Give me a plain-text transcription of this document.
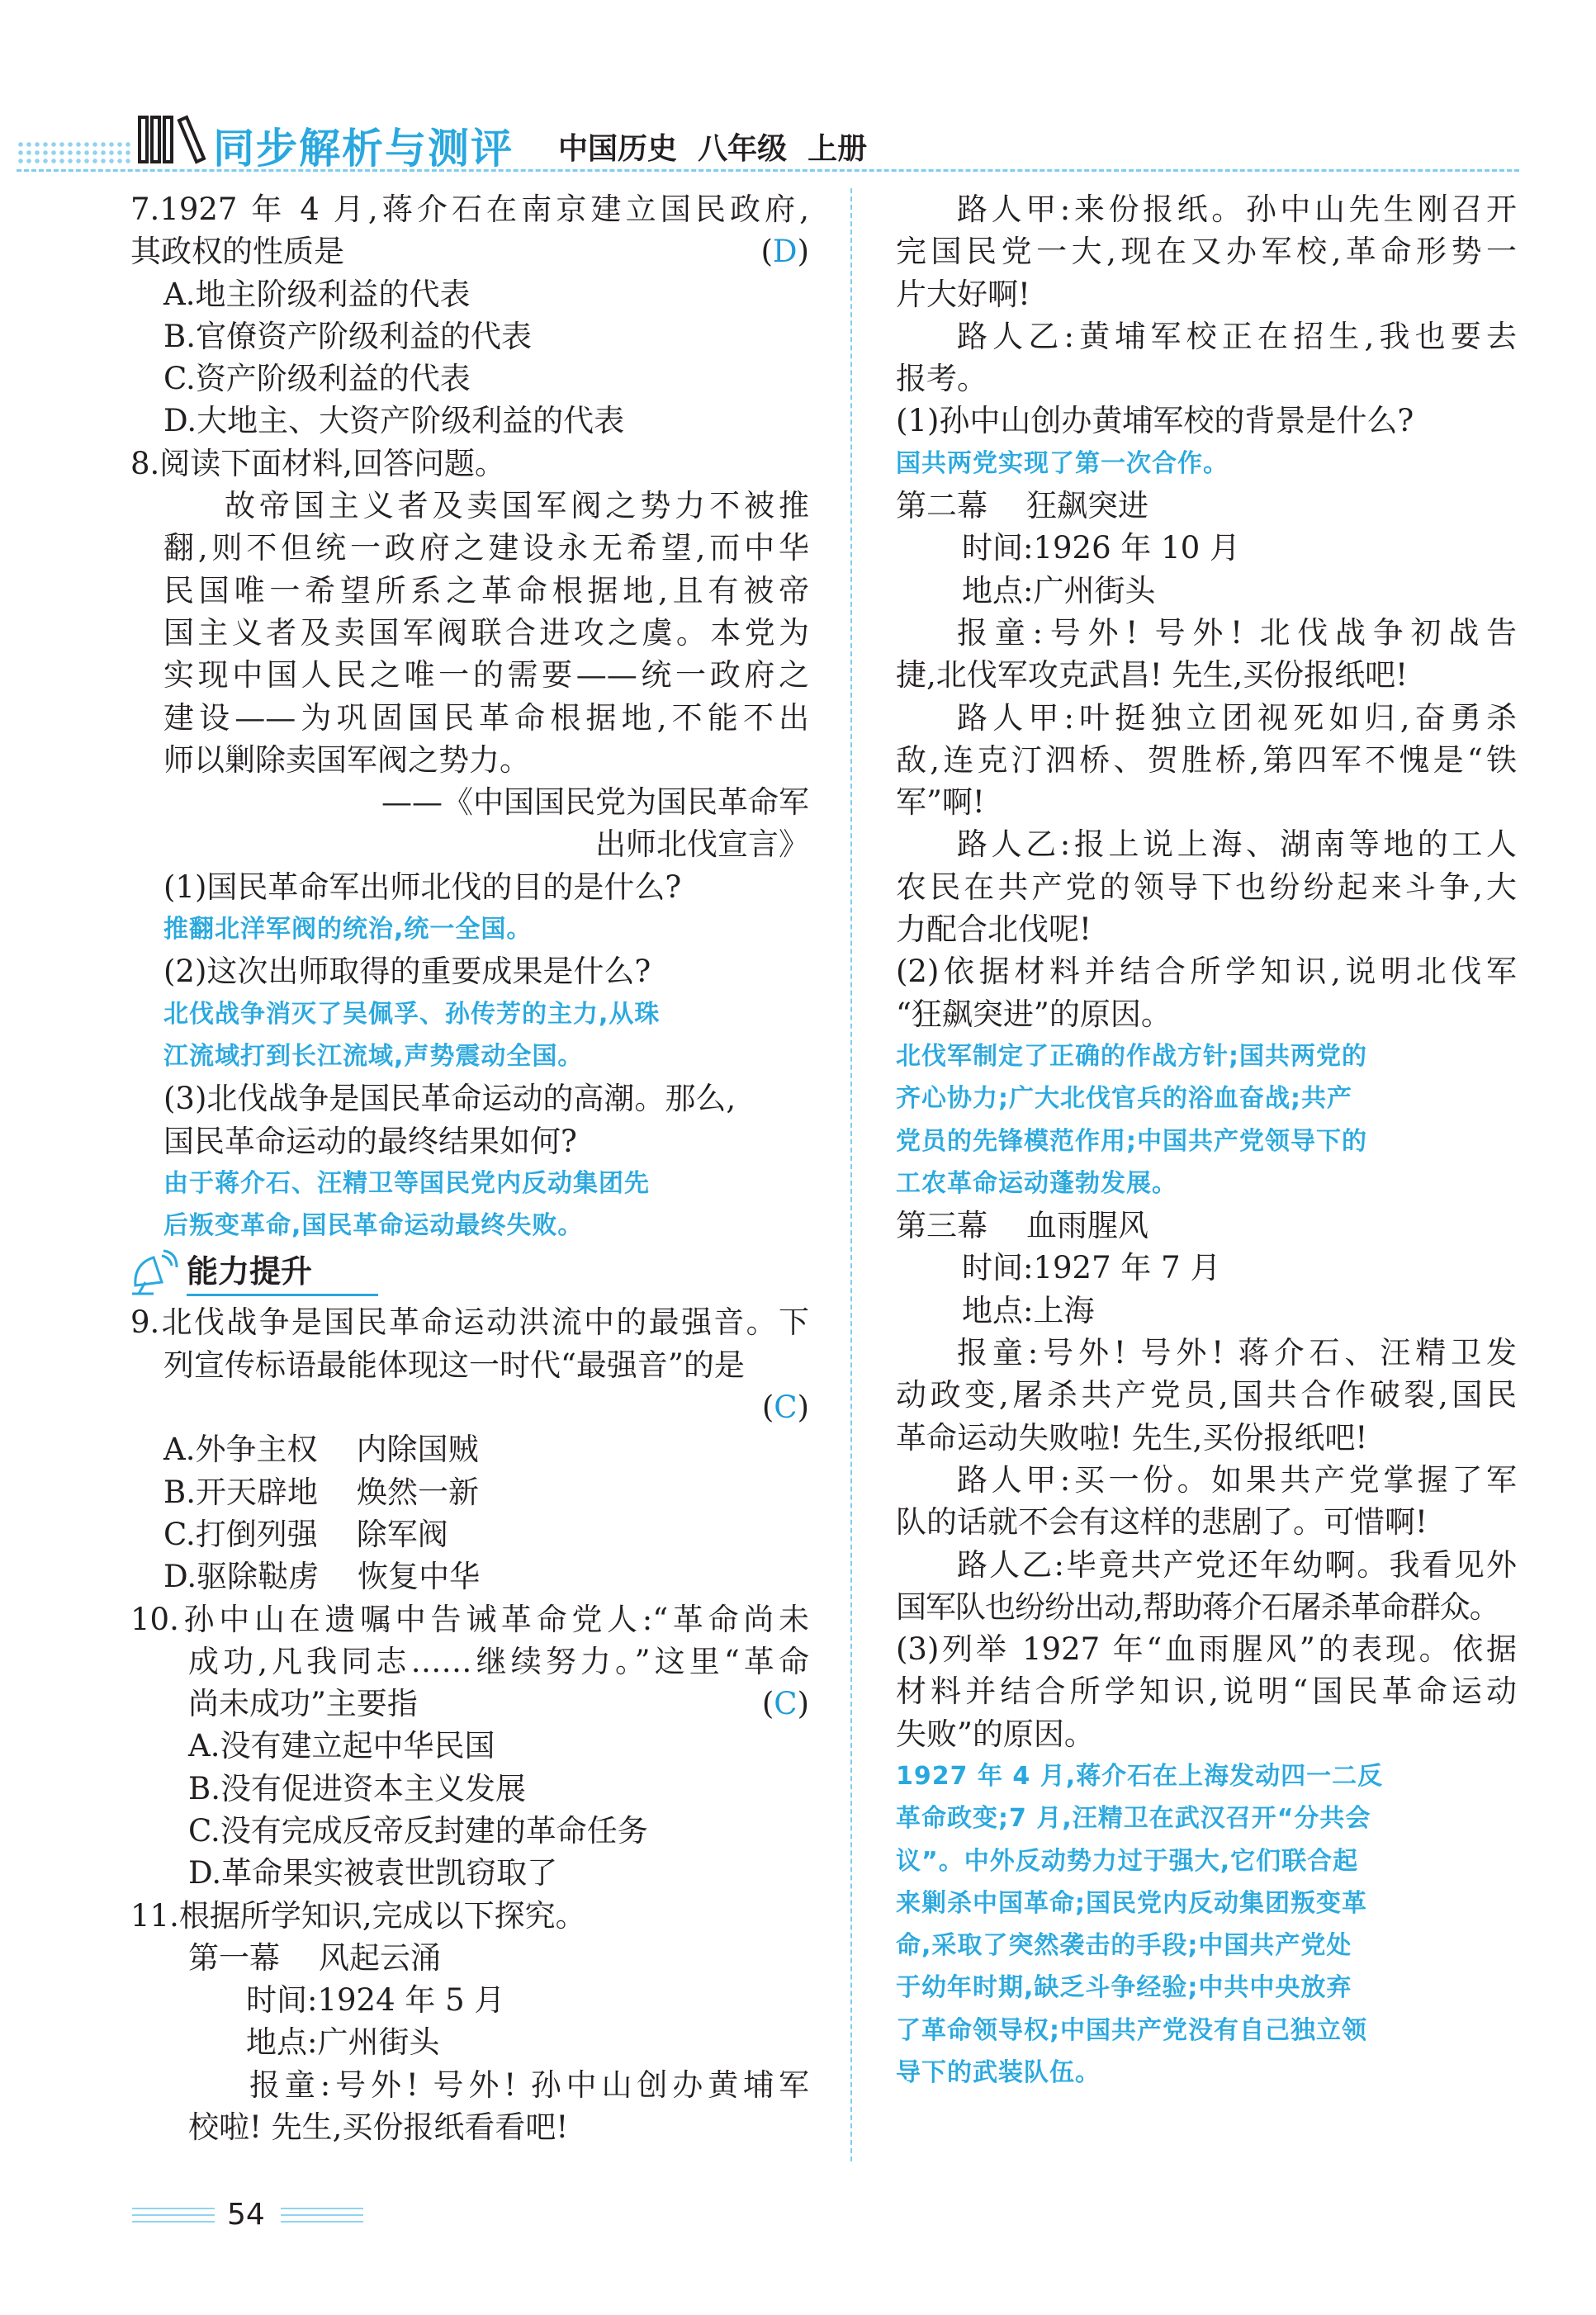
同步解析与测评 中国历史  八年级  上册
7.1927 年 4 月,蒋介石在南京建立国民政府,
其政权的性质是	(D)
A.地主阶级利益的代表
B.官僚资产阶级利益的代表
C.资产阶级利益的代表
D.大地主、大资产阶级利益的代表
8.阅读下面材料,回答问题。
故帝国主义者及卖国军阀之势力不被推
翻,则不但统一政府之建设永无希望,而中华
民国唯一希望所系之革命根据地,且有被帝
国主义者及卖国军阀联合进攻之虞。本党为
实现中国人民之唯一的需要——统一政府之
建设——为巩固国民革命根据地,不能不出
师以剿除卖国军阀之势力。
——《中国国民党为国民革命军
出师北伐宣言》
(1)国民革命军出师北伐的目的是什么?
推翻北洋军阀的统治,统一全国。
(2)这次出师取得的重要成果是什么?
北伐战争消灭了吴佩孚、孙传芳的主力,从珠
江流域打到长江流域,声势震动全国。
(3)北伐战争是国民革命运动的高潮。那么,
国民革命运动的最终结果如何?
由于蒋介石、汪精卫等国民党内反动集团先
后叛变革命,国民革命运动最终失败。
能力提升
9.北伐战争是国民革命运动洪流中的最强音。下
列宣传标语最能体现这一时代“最强音”的是
(C)
A.外争主权    内除国贼
B.开天辟地    焕然一新
C.打倒列强    除军阀
D.驱除鞑虏    恢复中华
10.孙中山在遗嘱中告诫革命党人:“革命尚未
成功,凡我同志……继续努力。”这里“革命
尚未成功”主要指	(C)
A.没有建立起中华民国
B.没有促进资本主义发展
C.没有完成反帝反封建的革命任务
D.革命果实被袁世凯窃取了
11.根据所学知识,完成以下探究。
第一幕    风起云涌
时间:1924 年 5 月
地点:广州街头
报童:号外! 号外! 孙中山创办黄埔军
校啦! 先生,买份报纸看看吧!
路人甲:来份报纸。孙中山先生刚召开
完国民党一大,现在又办军校,革命形势一
片大好啊!
路人乙:黄埔军校正在招生,我也要去
报考。
(1)孙中山创办黄埔军校的背景是什么?
国共两党实现了第一次合作。
第二幕    狂飙突进
时间:1926 年 10 月
地点:广州街头
报童:号外! 号外! 北伐战争初战告
捷,北伐军攻克武昌! 先生,买份报纸吧!
路人甲:叶挺独立团视死如归,奋勇杀
敌,连克汀泗桥、贺胜桥,第四军不愧是“铁
军”啊!
路人乙:报上说上海、湖南等地的工人
农民在共产党的领导下也纷纷起来斗争,大
力配合北伐呢!
(2)依据材料并结合所学知识,说明北伐军
“狂飙突进”的原因。
北伐军制定了正确的作战方针;国共两党的
齐心协力;广大北伐官兵的浴血奋战;共产
党员的先锋模范作用;中国共产党领导下的
工农革命运动蓬勃发展。
第三幕    血雨腥风
时间:1927 年 7 月
地点:上海
报童:号外! 号外! 蒋介石、汪精卫发
动政变,屠杀共产党员,国共合作破裂,国民
革命运动失败啦! 先生,买份报纸吧!
路人甲:买一份。如果共产党掌握了军
队的话就不会有这样的悲剧了。可惜啊!
路人乙:毕竟共产党还年幼啊。我看见外
国军队也纷纷出动,帮助蒋介石屠杀革命群众。
(3)列举 1927 年“血雨腥风”的表现。依据
材料并结合所学知识,说明“国民革命运动
失败”的原因。
1927 年 4 月,蒋介石在上海发动四一二反
革命政变;7 月,汪精卫在武汉召开“分共会
议”。中外反动势力过于强大,它们联合起
来剿杀中国革命;国民党内反动集团叛变革
命,采取了突然袭击的手段;中国共产党处
于幼年时期,缺乏斗争经验;中共中央放弃
了革命领导权;中国共产党没有自己独立领
导下的武装队伍。
54
